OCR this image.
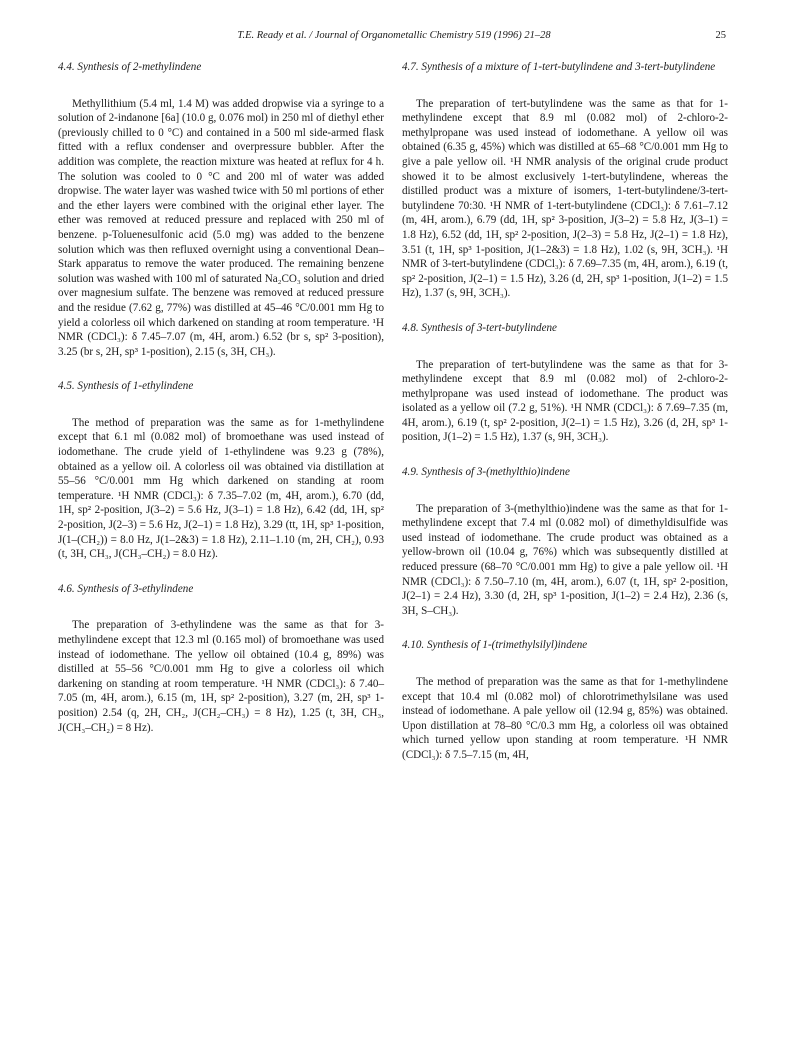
T.E. Ready et al. / Journal of Organometallic Chemistry 519 (1996) 21–28	25
4.4. Synthesis of 2-methylindene

Methyllithium (5.4 ml, 1.4 M) was added dropwise via a syringe to a solution of 2-indanone [6a] (10.0 g, 0.076 mol) in 250 ml of diethyl ether (previously chilled to 0 °C) and contained in a 500 ml side-armed flask fitted with a reflux condenser and overpressure bubbler. After the addition was complete, the reaction mixture was heated at reflux for 4 h. The solution was cooled to 0 °C and 200 ml of water was added dropwise. The water layer was washed twice with 50 ml portions of ether and the ether layers were combined with the original ether layer. The ether was removed at reduced pressure and replaced with 250 ml of benzene. p-Toluenesulfonic acid (5.0 mg) was added to the benzene solution which was then refluxed overnight using a conventional Dean–Stark apparatus to remove the water produced. The remaining benzene solution was washed with 100 ml of saturated Na₂CO₃ solution and dried over magnesium sulfate. The benzene was removed at reduced pressure and the residue (7.62 g, 77%) was distilled at 45–46 °C/0.001 mm Hg to yield a colorless oil which darkened on standing at room temperature. ¹H NMR (CDCl₃): δ 7.45–7.07 (m, 4H, arom.) 6.52 (br s, sp² 3-position), 3.25 (br s, 2H, sp³ 1-position), 2.15 (s, 3H, CH₃).

4.5. Synthesis of 1-ethylindene

The method of preparation was the same as for 1-methylindene except that 6.1 ml (0.082 mol) of bromoethane was used instead of iodomethane. The crude yield of 1-ethylindene was 9.23 g (78%), obtained as a yellow oil. A colorless oil was obtained via distillation at 55–56 °C/0.001 mm Hg which darkened on standing at room temperature. ¹H NMR (CDCl₃): δ 7.35–7.02 (m, 4H, arom.), 6.70 (dd, 1H, sp² 2-position, J(3–2) = 5.6 Hz, J(3–1) = 1.8 Hz), 6.42 (dd, 1H, sp² 2-position, J(2–3) = 5.6 Hz, J(2–1) = 1.8 Hz), 3.29 (tt, 1H, sp³ 1-position, J(1–(CH₂)) = 8.0 Hz, J(1–2&3) = 1.8 Hz), 2.11–1.10 (m, 2H, CH₂), 0.93 (t, 3H, CH₃, J(CH₃–CH₂) = 8.0 Hz).

4.6. Synthesis of 3-ethylindene

The preparation of 3-ethylindene was the same as that for 3-methylindene except that 12.3 ml (0.165 mol) of bromoethane was used instead of iodomethane. The yellow oil obtained (10.4 g, 89%) was distilled at 55–56 °C/0.001 mm Hg to give a colorless oil which darkening on standing at room temperature. ¹H NMR (CDCl₃): δ 7.40–7.05 (m, 4H, arom.), 6.15 (m, 1H, sp² 2-position), 3.27 (m, 2H, sp³ 1-position) 2.54 (q, 2H, CH₂, J(CH₂–CH₃) = 8 Hz), 1.25 (t, 3H, CH₃, J(CH₃–CH₂) = 8 Hz).

4.7. Synthesis of a mixture of 1-tert-butylindene and 3-tert-butylindene

The preparation of tert-butylindene was the same as that for 1-methylindene except that 8.9 ml (0.082 mol) of 2-chloro-2-methylpropane was used instead of iodomethane. A yellow oil was obtained (6.35 g, 45%) which was distilled at 65–68 °C/0.001 mm Hg to give a pale yellow oil. ¹H NMR analysis of the original crude product showed it to be almost exclusively 1-tert-butylindene, whereas the distilled product was a mixture of isomers, 1-tert-butylindene/3-tert-butylindene 70:30. ¹H NMR of 1-tert-butylindene (CDCl₃): δ 7.61–7.12 (m, 4H, arom.), 6.79 (dd, 1H, sp² 3-position, J(3–2) = 5.8 Hz, J(3–1) = 1.8 Hz), 6.52 (dd, 1H, sp² 2-position, J(2–3) = 5.8 Hz, J(2–1) = 1.8 Hz), 3.51 (t, 1H, sp³ 1-position, J(1–2&3) = 1.8 Hz), 1.02 (s, 9H, 3CH₃). ¹H NMR of 3-tert-butylindene (CDCl₃): δ 7.69–7.35 (m, 4H, arom.), 6.19 (t, sp² 2-position, J(2–1) = 1.5 Hz), 3.26 (d, 2H, sp³ 1-position, J(1–2) = 1.5 Hz), 1.37 (s, 9H, 3CH₃).

4.8. Synthesis of 3-tert-butylindene

The preparation of tert-butylindene was the same as that for 3-methylindene except that 8.9 ml (0.082 mol) of 2-chloro-2-methylpropane was used instead of iodomethane. The product was isolated as a yellow oil (7.2 g, 51%). ¹H NMR (CDCl₃): δ 7.69–7.35 (m, 4H, arom.), 6.19 (t, sp² 2-position, J(2–1) = 1.5 Hz), 3.26 (d, 2H, sp³ 1-position, J(1–2) = 1.5 Hz), 1.37 (s, 9H, 3CH₃).

4.9. Synthesis of 3-(methylthio)indene

The preparation of 3-(methylthio)indene was the same as that for 1-methylindene except that 7.4 ml (0.082 mol) of dimethyldisulfide was used instead of iodomethane. The crude product was obtained as a yellow-brown oil (10.04 g, 76%) which was subsequently distilled at reduced pressure (68–70 °C/0.001 mm Hg) to give a pale yellow oil. ¹H NMR (CDCl₃): δ 7.50–7.10 (m, 4H, arom.), 6.07 (t, 1H, sp² 2-position, J(2–1) = 2.4 Hz), 3.30 (d, 2H, sp³ 1-position, J(1–2) = 2.4 Hz), 2.36 (s, 3H, S–CH₃).

4.10. Synthesis of 1-(trimethylsilyl)indene

The method of preparation was the same as that for 1-methylindene except that 10.4 ml (0.082 mol) of chlorotrimethylsilane was used instead of iodomethane. A pale yellow oil (12.94 g, 85%) was obtained. Upon distillation at 78–80 °C/0.3 mm Hg, a colorless oil was obtained which turned yellow upon standing at room temperature. ¹H NMR (CDCl₃): δ 7.5–7.15 (m, 4H,
